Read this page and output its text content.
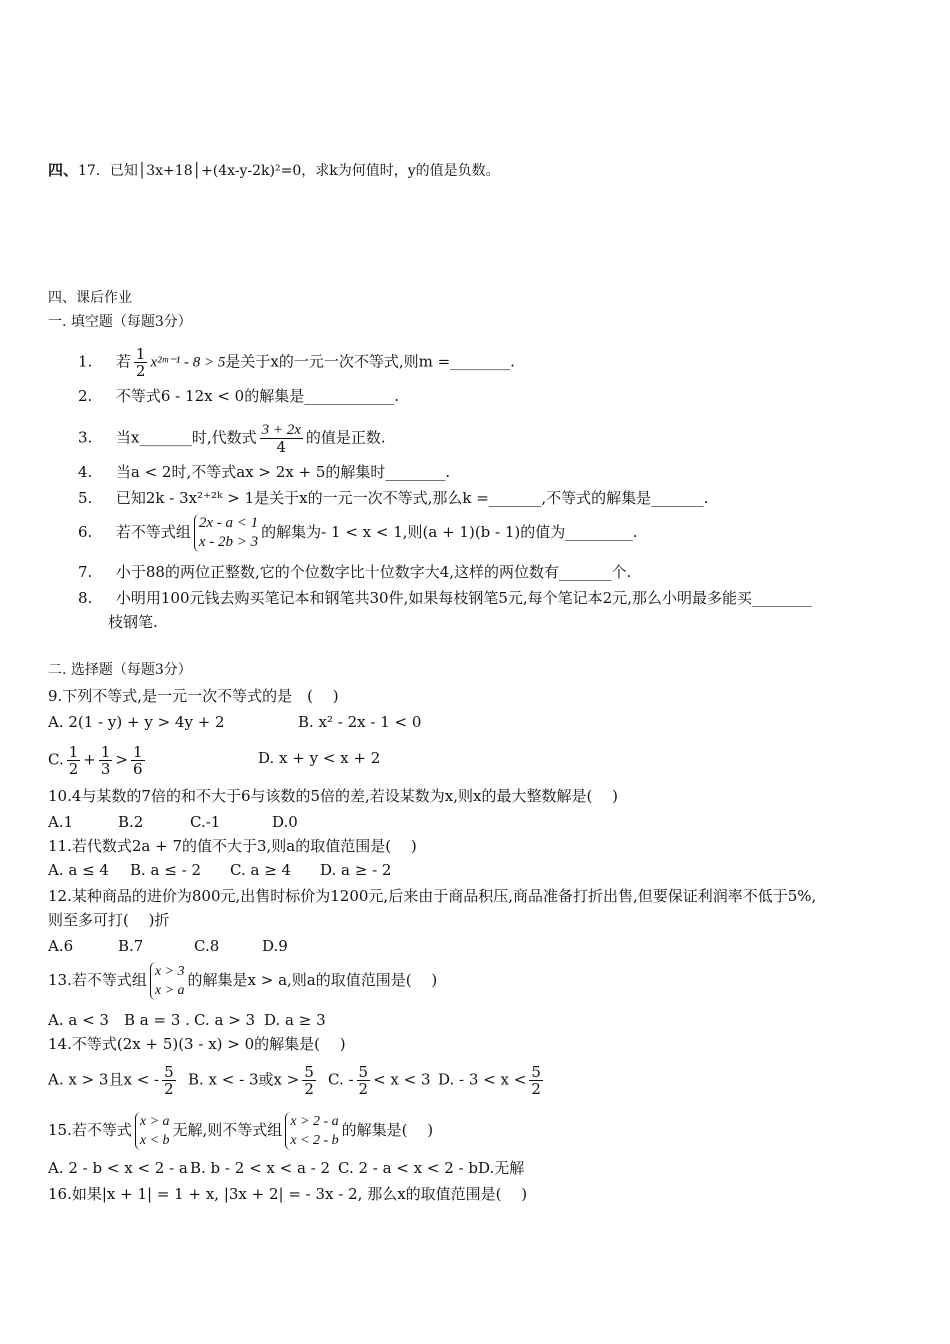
四、17．已知│3x+18│+(4x-y-2k)²=0，求k为何值时，y的值是负数。
四、课后作业
一. 填空题（每题3分）
1. 若 $\frac{1}{2}$ x²ᵐ⁻¹ - 8 > 5是关于x的一元一次不等式,则m =________.
2. 不等式6 - 12x < 0的解集是____________.
3. 当x_______时,代数式 $\frac{3 + 2x}{4}$ 的值是正数.
4. 当a < 2时,不等式ax > 2x + 5的解集时________.
5. 已知2k - 3x²⁺²ᵏ > 1是关于x的一元一次不等式,那么k =_______,不等式的解集是_______.
6. 若不等式组 2x - a < 1
x - 2b > 3
的解集为- 1 < x < 1,则(a + 1)(b - 1)的值为_________.
7. 小于88的两位正整数,它的个位数字比十位数字大4,这样的两位数有_______个.
8. 小明用100元钱去购买笔记本和钢笔共30件,如果每枝钢笔5元,每个笔记本2元,那么小明最多能买________
枝钢笔.
二. 选择题（每题3分）
9.下列不等式,是一元一次不等式的是　(　 )
A. 2(1 - y) + y > 4y + 2	B. x² - 2x - 1 < 0
C. $\frac{1}{2} + \frac{1}{3} > \frac{1}{6}$	D. x + y < x + 2
10.4与某数的7倍的和不大于6与该数的5倍的差,若设某数为x,则x的最大整数解是(　 )
A.1	B.2	C.-1	D.0
11.若代数式2a + 7的值不大于3,则a的取值范围是(　 )
A. a ≤ 4 B. a ≤ - 2 C. a ≥ 4 D. a ≥ - 2
12.某种商品的进价为800元,出售时标价为1200元,后来由于商品积压,商品准备打折出售,但要保证利润率不低于5%,
则至多可打(　 )折
A.6	B.7	C.8	D.9
13.若不等式组 x > 3
x > a
的解集是x > a,则a的取值范围是(　 )
A. a < 3 B a = 3 . C. a > 3 D. a ≥ 3
14.不等式(2x + 5)(3 - x) > 0的解集是(　 )
A. x > 3且x < - $\frac{5}{2} B$. x < - 3或$x > \frac{5}{2} C$. - $\frac{5}{2} < x < 3$ D. - $3 < x < \frac{5}{2}$
15.若不等式 x > a
x < b
无解,则不等式组 x > 2 - a
x < 2 - b
的解集是(　 )
A. 2 - b < x < 2 - a B. b - 2 < x < a - 2 C. 2 - a < x < 2 - b D.无解
16.如果|x + 1| = 1 + x, |3x + 2| = - 3x - 2, 那么x的取值范围是(　 )
